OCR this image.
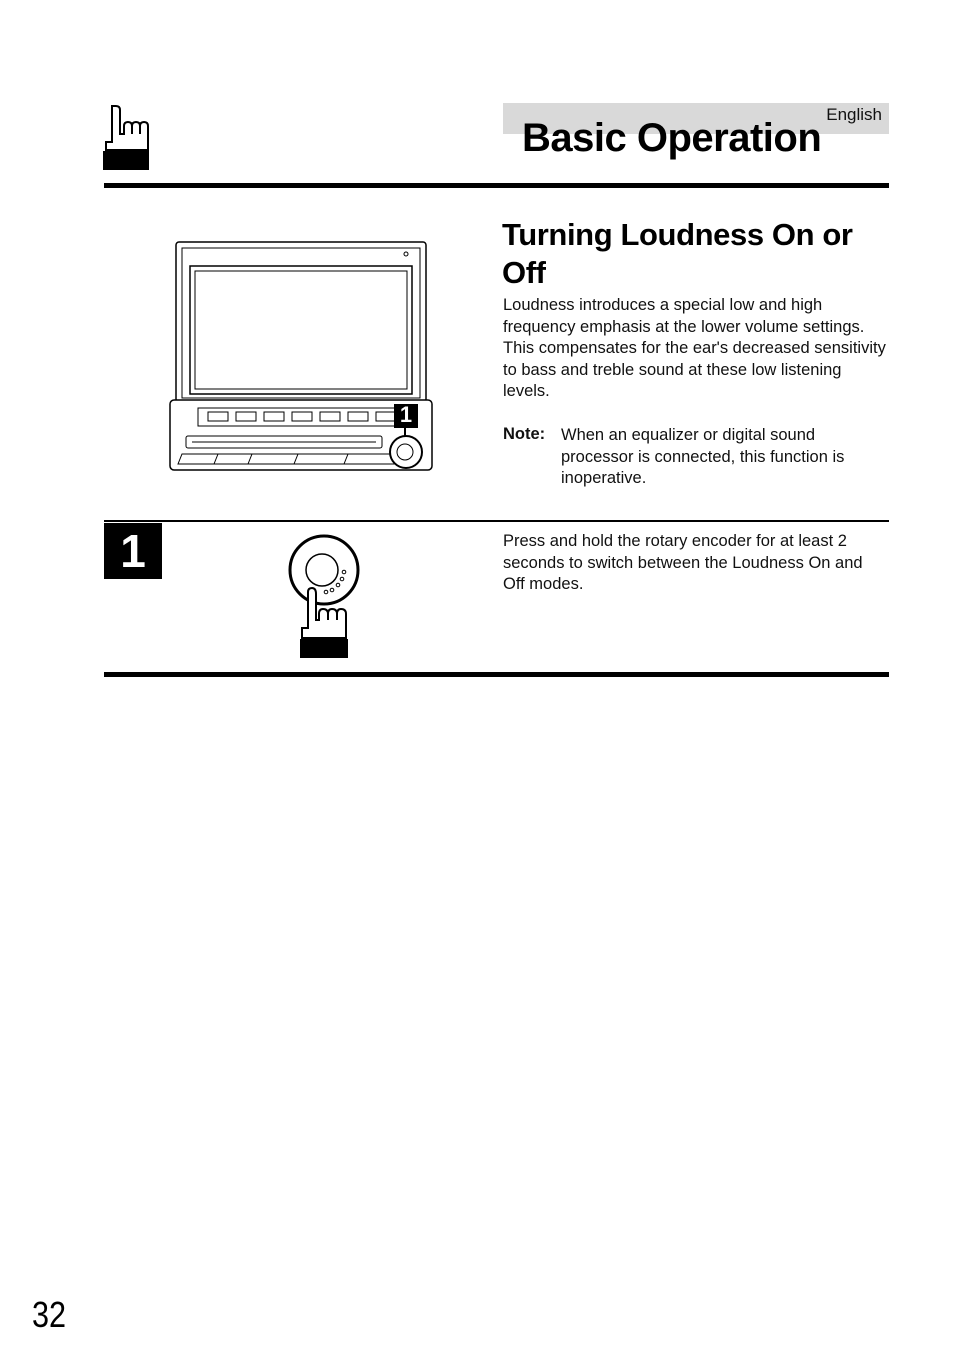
English
Basic Operation
1
Turning Loudness On or Off
Loudness introduces a special low and high frequency emphasis at the lower volume settings. This compensates for the ear's decreased sensitivity to bass and treble sound at these low listening levels.
Note: When an equalizer or digital sound processor is connected, this function is inoperative.
1	Press and hold the rotary encoder for at least 2 seconds to switch between the Loudness On and Off modes.
32
